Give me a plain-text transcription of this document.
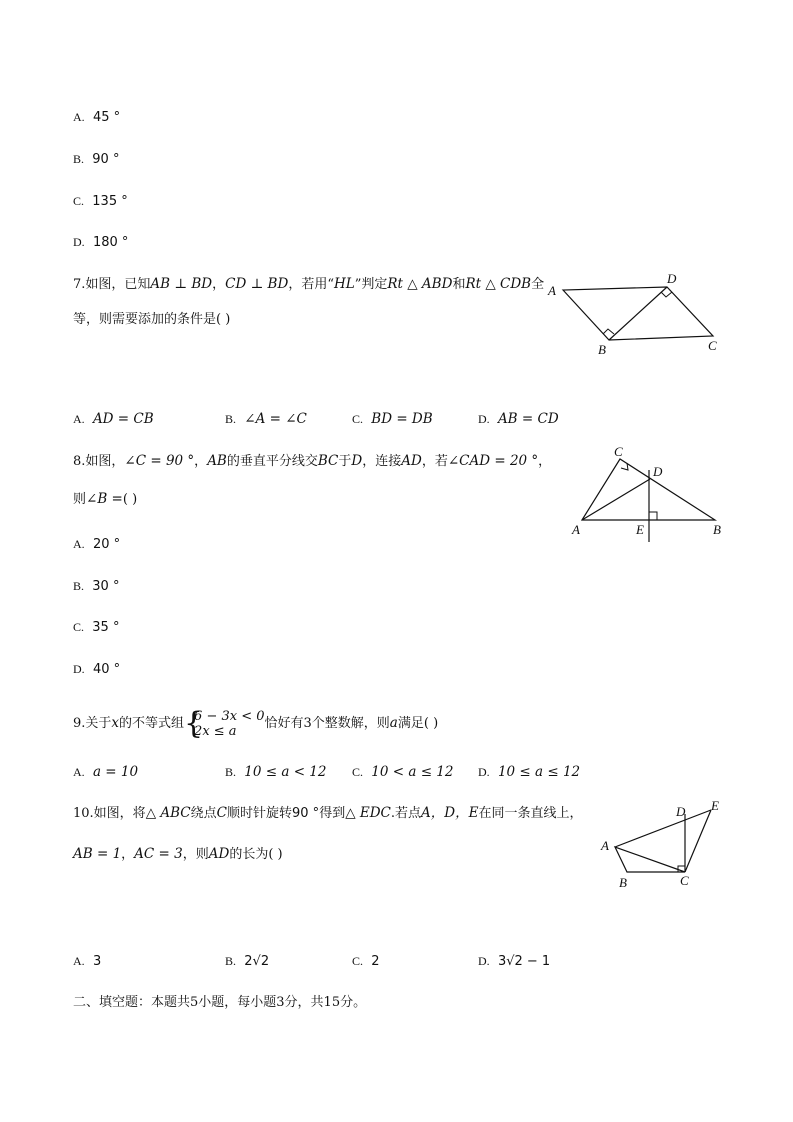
A. 45 °
B. 90 °
C. 135 °
D. 180 °
7.如图，已知AB ⊥ BD，CD ⊥ BD，若用“HL”判定Rt △ ABD和Rt △ CDB全
等，则需要添加的条件是( )
A
B	C
D
A. AD = CB	B. ∠A = ∠C	C. BD = DB	D. AB = CD
8.如图，∠C = 90 °，AB的垂直平分线交BC于D，连接AD，若∠CAD = 20 °，
则∠B =( )
C
D
A	E	B
A. 20 °
B. 30 °
C. 35 °
D. 40 °
9.关于x的不等式组 {
6 − 3x < 0
2x ≤ a	恰好有3个整数解，则a满足( )
A. a = 10	B. 10 ≤ a < 12 C. 10 < a ≤ 12 D. 10 ≤ a ≤ 12
10.如图，将△ ABC绕点C顺时针旋转90 °得到△ EDC.若点A，D，E在同一条直线上，
AB = 1，AC = 3，则AD的长为( )
A
B	C
D E
A. 3	B. 2√2	C. 2	D. 3√2 − 1
二、填空题：本题共5小题，每小题3分，共15分。
